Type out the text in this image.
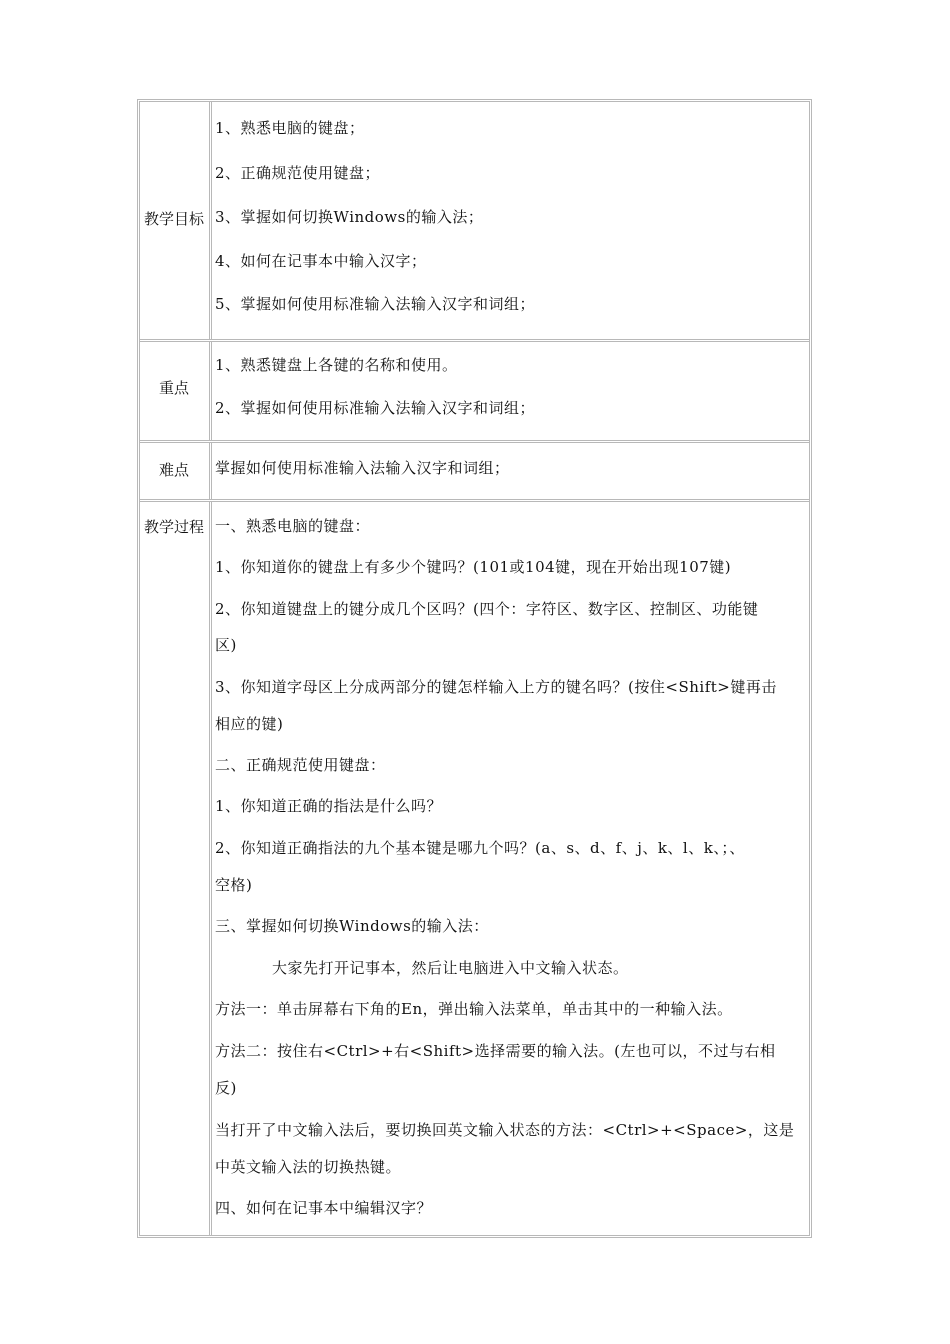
教学目标
1、熟悉电脑的键盘；
2、正确规范使用键盘；
3、掌握如何切换Windows的输入法；
4、如何在记事本中输入汉字；
5、掌握如何使用标准输入法输入汉字和词组；
重点
1、熟悉键盘上各键的名称和使用。
2、掌握如何使用标准输入法输入汉字和词组；
难点 掌握如何使用标准输入法输入汉字和词组；
教学过程 一、熟悉电脑的键盘：
1、你知道你的键盘上有多少个键吗？(101或104键，现在开始出现107键)
2、你知道键盘上的键分成几个区吗？(四个：字符区、数字区、控制区、功能键
区)
3、你知道字母区上分成两部分的键怎样输入上方的键名吗？(按住<Shift>键再击
相应的键)
二、正确规范使用键盘：
1、你知道正确的指法是什么吗？
2、你知道正确指法的九个基本键是哪九个吗？(a、s、d、f、j、k、l、k、；、
空格)
三、掌握如何切换Windows的输入法：
大家先打开记事本，然后让电脑进入中文输入状态。
方法一：单击屏幕右下角的En，弹出输入法菜单，单击其中的一种输入法。
方法二：按住右<Ctrl>+右<Shift>选择需要的输入法。(左也可以，不过与右相
反)
当打开了中文输入法后，要切换回英文输入状态的方法：<Ctrl>+<Space>，这是
中英文输入法的切换热键。
四、如何在记事本中编辑汉字？
